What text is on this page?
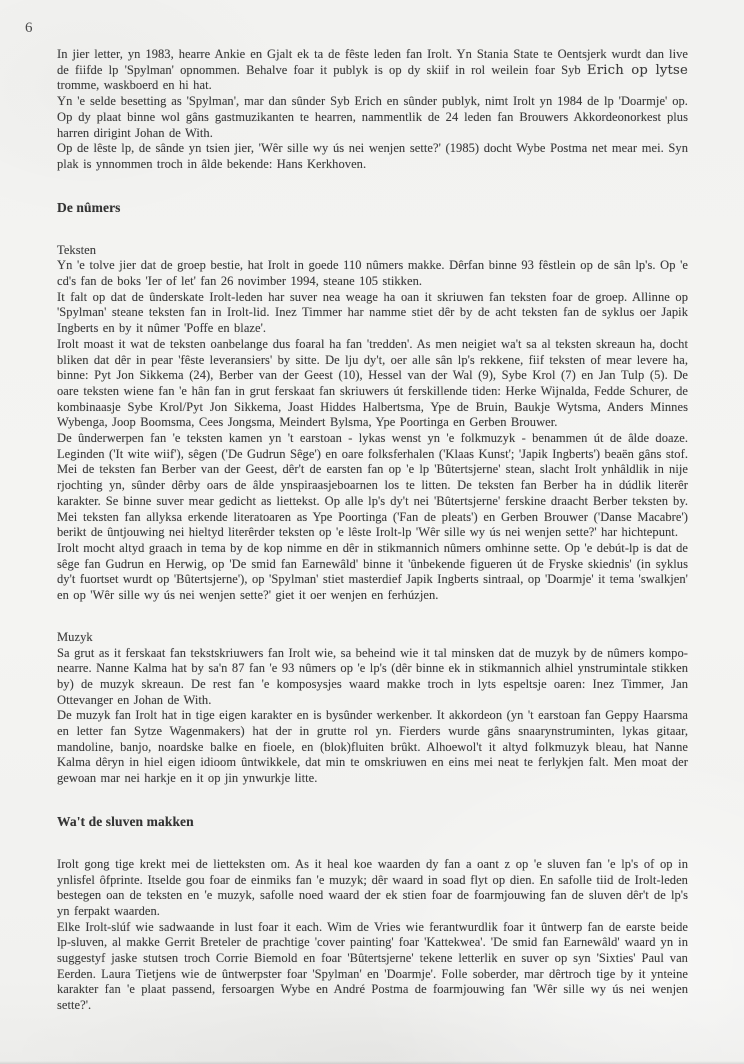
6

In jier letter, yn 1983, hearre Ankie en Gjalt ek ta de fêste leden fan Irolt. Yn Stania State te Oentsjerk wurdt dan live de fiifde lp 'Spylman' opnommen. Behalve foar it publyk is op dy skiif in rol weilein foar Syb Erich op lytse tromme, waskboerd en hi hat.

Yn 'e selde besetting as 'Spylman', mar dan sûnder Syb Erich en sûnder publyk, nimt Irolt yn 1984 de lp 'Doarmje' op. Op dy plaat binne wol gâns gastmuzikanten te hearren, nammentlik de 24 leden fan Brouwers Akkordeonorkest plus harren dirigint Johan de With.

Op de lêste lp, de sânde yn tsien jier, 'Wêr sille wy ús nei wenjen sette?' (1985) docht Wybe Postma net mear mei. Syn plak is ynnommen troch in âlde bekende: Hans Kerkhoven.

De nûmers

Teksten

Yn 'e tolve jier dat de groep bestie, hat Irolt in goede 110 nûmers makke. Dêrfan binne 93 fêstlein op de sân lp's. Op 'e cd's fan de boks 'Ier of let' fan 26 novimber 1994, steane 105 stikken.

It falt op dat de ûnderskate Irolt-leden har suver nea weage ha oan it skriuwen fan teksten foar de groep. Allinne op 'Spylman' steane teksten fan in Irolt-lid. Inez Timmer har namme stiet dêr by de acht teksten fan de syklus oer Japik Ingberts en by it nûmer 'Poffe en blaze'.

Irolt moast it wat de teksten oanbelange dus foaral ha fan 'tredden'. As men neigiet wa't sa al teksten skreaun ha, docht bliken dat dêr in pear 'fêste leveransiers' by sitte. De lju dy't, oer alle sân lp's rekkene, fiif teksten of mear levere ha, binne: Pyt Jon Sikkema (24), Berber van der Geest (10), Hessel van der Wal (9), Sybe Krol (7) en Jan Tulp (5). De oare teksten wiene fan 'e hân fan in grut ferskaat fan skriuwers út ferskillende tiden: Herke Wijnalda, Fedde Schurer, de kombinaasje Sybe Krol/Pyt Jon Sikkema, Joast Hiddes Halbertsma, Ype de Bruin, Baukje Wytsma, Anders Minnes Wybenga, Joop Boomsma, Cees Jongsma, Meindert Bylsma, Ype Poortinga en Gerben Brouwer.

De ûnderwerpen fan 'e teksten kamen yn 't earstoan - lykas wenst yn 'e folkmuzyk - benammen út de âlde doaze. Leginden ('It wite wiif'), sêgen ('De Gudrun Sêge') en oare folksferhalen ('Klaas Kunst'; 'Japik Ingberts') beaën gâns stof. Mei de teksten fan Berber van der Geest, dêr't de earsten fan op 'e lp 'Bûtertsjerne' stean, slacht Irolt ynhâldlik in nije rjochting yn, sûnder dêrby oars de âlde ynspiraasjeboarnen los te litten. De teksten fan Berber ha in dúdlik literêr karakter. Se binne suver mear gedicht as liettekst. Op alle lp's dy't nei 'Bûtertsjerne' ferskine draacht Berber teksten by. Mei teksten fan allyksa erkende literatoaren as Ype Poortinga ('Fan de pleats') en Gerben Brouwer ('Danse Macabre') berikt de ûntjouwing nei hieltyd literêrder teksten op 'e lêste Irolt-lp 'Wêr sille wy ús nei wenjen sette?' har hichtepunt.

Irolt mocht altyd graach in tema by de kop nimme en dêr in stikmannich nûmers omhinne sette. Op 'e debút-lp is dat de sêge fan Gudrun en Herwig, op 'De smid fan Earnewâld' binne it 'ûnbekende figueren út de Fryske skiednis' (in syklus dy't fuortset wurdt op 'Bûtertsjerne'), op 'Spylman' stiet masterdief Japik Ingberts sintraal, op 'Doarmje' it tema 'swalkjen' en op 'Wêr sille wy ús nei wenjen sette?' giet it oer wenjen en ferhúzjen.

Muzyk

Sa grut as it ferskaat fan tekstskriuwers fan Irolt wie, sa beheind wie it tal minsken dat de muzyk by de nûmers kompo-nearre. Nanne Kalma hat by sa'n 87 fan 'e 93 nûmers op 'e lp's (dêr binne ek in stikmannich alhiel ynstrumintale stikken by) de muzyk skreaun. De rest fan 'e komposysjes waard makke troch in lyts espeltsje oaren: Inez Timmer, Jan Ottevanger en Johan de With.

De muzyk fan Irolt hat in tige eigen karakter en is bysûnder werkenber. It akkordeon (yn 't earstoan fan Geppy Haarsma en letter fan Sytze Wagenmakers) hat der in grutte rol yn. Fierders wurde gâns snaarynstruminten, lykas gitaar, mandoline, banjo, noardske balke en fioele, en (blok)fluiten brûkt. Alhoewol't it altyd folkmuzyk bleau, hat Nanne Kalma dêryn in hiel eigen idioom ûntwikkele, dat min te omskriuwen en eins mei neat te ferlykjen falt. Men moat der gewoan mar nei harkje en it op jin ynwurkje litte.

Wa't de sluven makken

Irolt gong tige krekt mei de lietteksten om. As it heal koe waarden dy fan a oant z op 'e sluven fan 'e lp's of op in ynlisfel ôfprinte. Itselde gou foar de einmiks fan 'e muzyk; dêr waard in soad flyt op dien. En safolle tiid de Irolt-leden bestegen oan de teksten en 'e muzyk, safolle noed waard der ek stien foar de foarmjouwing fan de sluven dêr't de lp's yn ferpakt waarden.

Elke Irolt-slúf wie sadwaande in lust foar it each. Wim de Vries wie ferantwurdlik foar it ûntwerp fan de earste beide lp-sluven, al makke Gerrit Breteler de prachtige 'cover painting' foar 'Kattekwea'. 'De smid fan Earnewâld' waard yn in suggestyf jaske stutsen troch Corrie Biemold en foar 'Bûtertsjerne' tekene letterlik en suver op syn 'Sixties' Paul van Eerden. Laura Tietjens wie de ûntwerpster foar 'Spylman' en 'Doarmje'. Folle soberder, mar dêrtroch tige by it ynteine karakter fan 'e plaat passend, fersoargen Wybe en André Postma de foarmjouwing fan 'Wêr sille wy ús nei wenjen sette?'.
